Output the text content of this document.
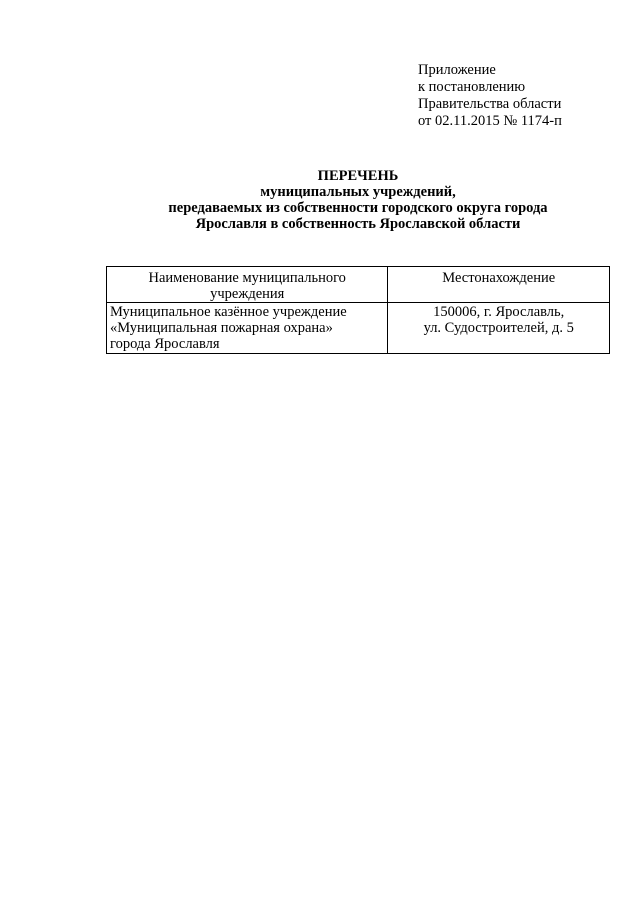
Приложение
к постановлению
Правительства области
от 02.11.2015 № 1174-п
ПЕРЕЧЕНЬ
муниципальных учреждений,
передаваемых из собственности городского округа города
Ярославля в собственность Ярославской области
Наименование муниципального
учреждения	Местонахождение

Муниципальное казённое учреждение
«Муниципальная пожарная охрана»
города Ярославля	150006, г. Ярославль,
ул. Судостроителей, д. 5
